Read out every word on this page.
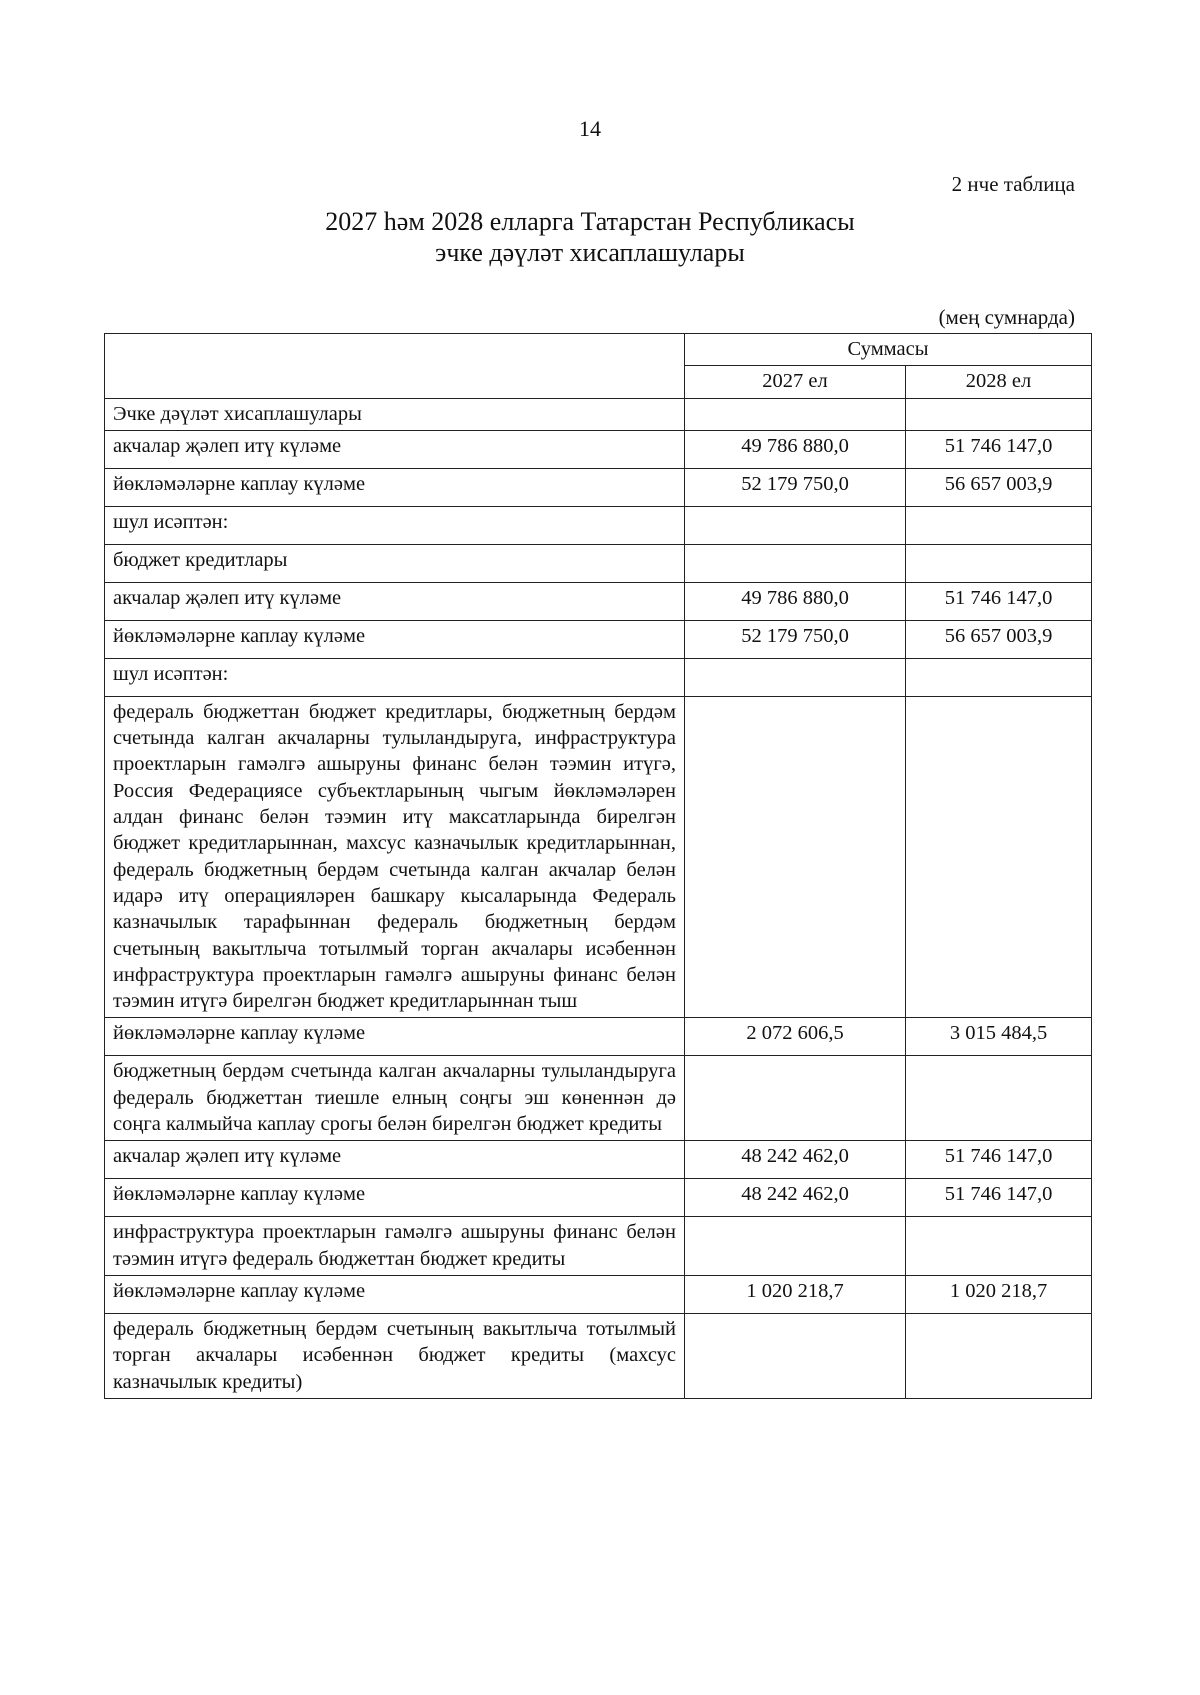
14
2 нче таблица
2027 һәм 2028 елларга Татарстан Республикасы
эчке дәүләт хисаплашулары
(мең сумнарда)
	Суммасы	
	2027 ел	2028 ел
Эчке дәүләт хисаплашулары		
акчалар җәлеп итү күләме	49 786 880,0	51 746 147,0
йөкләмәләрне каплау күләме	52 179 750,0	56 657 003,9
шул исәптән:		
бюджет кредитлары		
акчалар җәлеп итү күләме	49 786 880,0	51 746 147,0
йөкләмәләрне каплау күләме	52 179 750,0	56 657 003,9
шул исәптән:		
федераль бюджеттан бюджет кредитлары, бюджетның бердәм счетында калган акчаларны тулыландыруга, инфраструктура проектларын гамәлгә ашыруны финанс белән тәэмин итүгә, Россия Федерациясе субъектларының чыгым йөкләмәләрен алдан финанс белән тәэмин итү максатларында бирелгән бюджет кредитларыннан, махсус казначылык кредитларыннан, федераль бюджетның бердәм счетында калган акчалар белән идарә итү операцияләрен башкару кысаларында Федераль казначылык тарафыннан федераль бюджетның бердәм счетының вакытлыча тотылмый торган акчалары исәбеннән инфраструктура проектларын гамәлгә ашыруны финанс белән тәэмин итүгә бирелгән бюджет кредитларыннан тыш		
йөкләмәләрне каплау күләме	2 072 606,5	3 015 484,5
бюджетның бердәм счетында калган акчаларны тулыландыруга федераль бюджеттан тиешле елның соңгы эш көненнән дә соңга калмыйча каплау срогы белән бирелгән бюджет кредиты		
акчалар җәлеп итү күләме	48 242 462,0	51 746 147,0
йөкләмәләрне каплау күләме	48 242 462,0	51 746 147,0
инфраструктура проектларын гамәлгә ашыруны финанс белән тәэмин итүгә федераль бюджеттан бюджет кредиты		
йөкләмәләрне каплау күләме	1 020 218,7	1 020 218,7
федераль бюджетның бердәм счетының вакытлыча тотылмый торган акчалары исәбеннән бюджет кредиты (махсус казначылык кредиты)		
